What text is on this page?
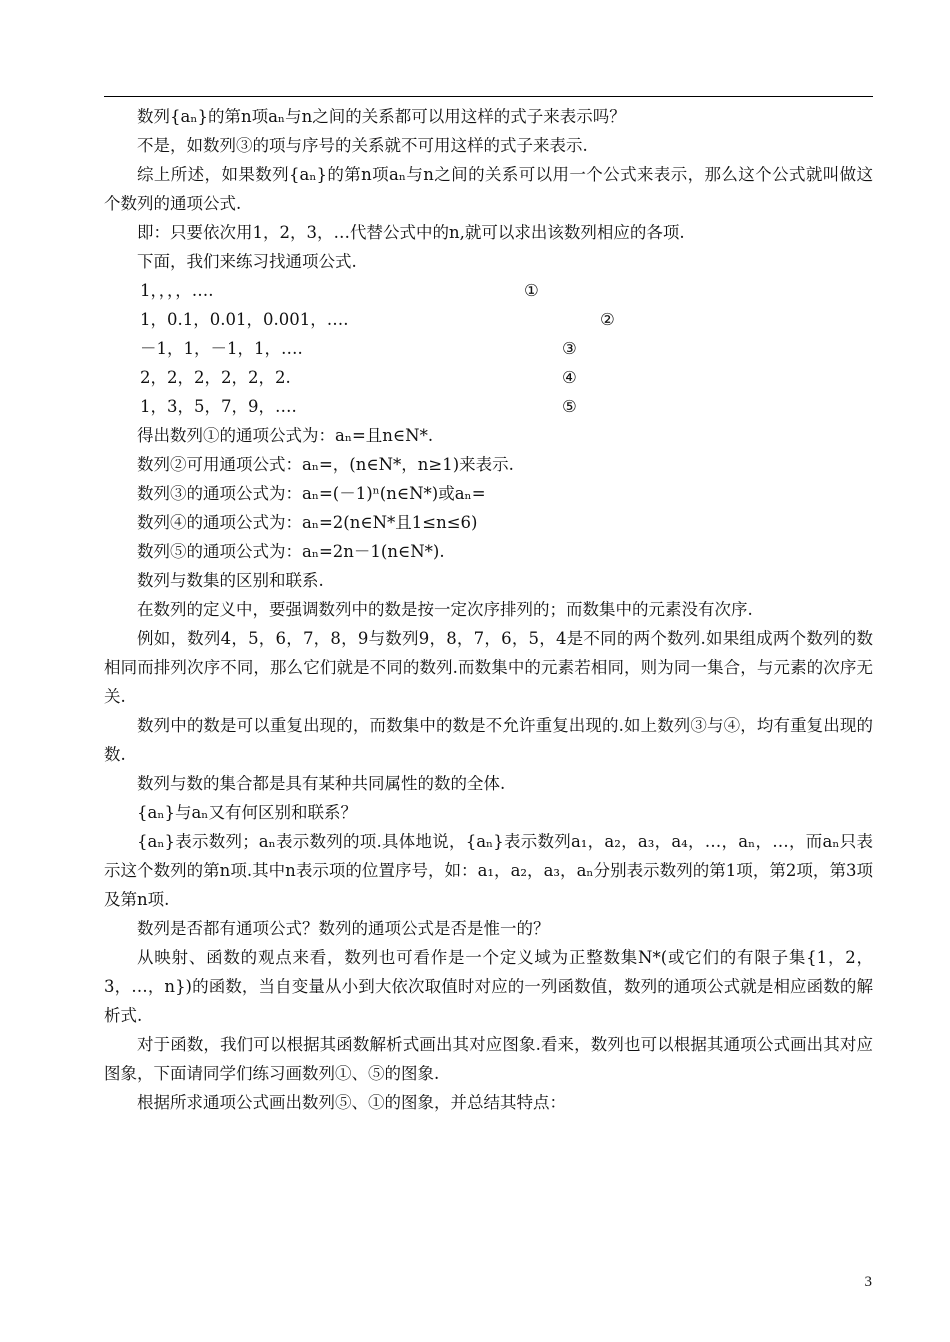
数列{aₙ}的第n项aₙ与n之间的关系都可以用这样的式子来表示吗？

不是，如数列③的项与序号的关系就不可用这样的式子来表示.

综上所述，如果数列{aₙ}的第n项aₙ与n之间的关系可以用一个公式来表示，那么这个公式就叫做这个数列的通项公式.

即：只要依次用1，2，3，…代替公式中的n,就可以求出该数列相应的各项.

下面，我们来练习找通项公式.

1，，，，….	①
1，0.1，0.01，0.001，….	②
－1，1，－1，1，….	③
2，2，2，2，2，2.	④
1，3，5，7，9，….	⑤

得出数列①的通项公式为：aₙ=且n∈N*.

数列②可用通项公式：aₙ=，(n∈N*，n≥1)来表示.

数列③的通项公式为：aₙ=(－1)ⁿ(n∈N*)或aₙ=

数列④的通项公式为：aₙ=2(n∈N*且1≤n≤6)

数列⑤的通项公式为：aₙ=2n－1(n∈N*).

数列与数集的区别和联系.

在数列的定义中，要强调数列中的数是按一定次序排列的；而数集中的元素没有次序.

例如，数列4，5，6，7，8，9与数列9，8，7，6，5，4是不同的两个数列.如果组成两个数列的数相同而排列次序不同，那么它们就是不同的数列.而数集中的元素若相同，则为同一集合，与元素的次序无关.

数列中的数是可以重复出现的，而数集中的数是不允许重复出现的.如上数列③与④，均有重复出现的数.

数列与数的集合都是具有某种共同属性的数的全体.

{aₙ}与aₙ又有何区别和联系？

{aₙ}表示数列；aₙ表示数列的项.具体地说，{aₙ}表示数列a₁，a₂，a₃，a₄，…，aₙ，…，而aₙ只表示这个数列的第n项.其中n表示项的位置序号，如：a₁，a₂，a₃，aₙ分别表示数列的第1项，第2项，第3项及第n项.

数列是否都有通项公式？数列的通项公式是否是惟一的？

从映射、函数的观点来看，数列也可看作是一个定义域为正整数集N*(或它们的有限子集{1，2，3，…，n})的函数，当自变量从小到大依次取值时对应的一列函数值，数列的通项公式就是相应函数的解析式.

对于函数，我们可以根据其函数解析式画出其对应图象.看来，数列也可以根据其通项公式画出其对应图象，下面请同学们练习画数列①、⑤的图象.

根据所求通项公式画出数列⑤、①的图象，并总结其特点：

3
